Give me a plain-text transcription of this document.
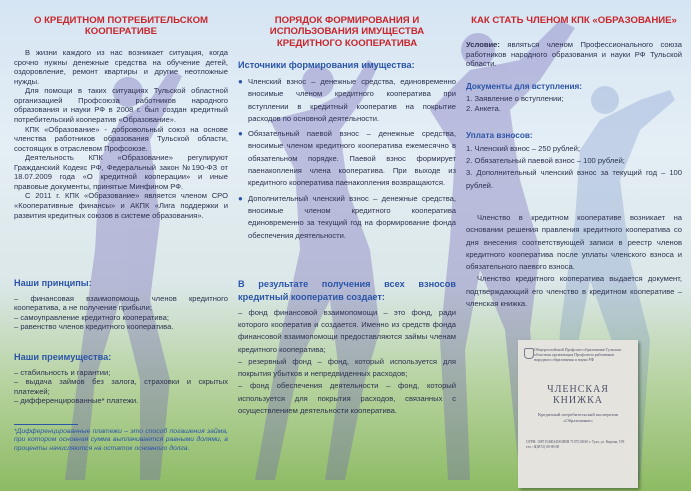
О КРЕДИТНОМ ПОТРЕБИТЕЛЬСКОМ
КООПЕРАТИВЕ

В жизни каждого из нас возникает ситуация, когда срочно нужны денежные средства на обучение детей, оздоровление, ремонт квартиры и другие неотложные нужды.

Для помощи в таких ситуациях Тульской областной организацией Профсоюза работников народного образования и науки РФ в 2008 г. был создан кредитный потребительский кооператив «Образование».

КПК «Образование» - добровольный союз на основе членства работников образования Тульской области, состоящих в отраслевом Профсоюзе.

Деятельность КПК «Образование» регулируют Гражданский Кодекс РФ, Федеральный закон №190-ФЗ от 18.07.2009 года «О кредитной кооперации» и иные правовые документы, принятые Минфином РФ.

С 2011 г. КПК «Образование» является членом СРО «Кооперативные финансы» и АКПК «Лига поддержки и развития кредитных союзов в системе образования».

Наши принципы:

– финансовая взаимопомощь членов кредитного кооператива, а не получение прибыли;

– самоуправление кредитного кооператива;

– равенство членов кредитного кооператива.

Наши преимущества:

– стабильность и гарантии;

– выдача займов без залога, страховки и скрытых платежей;

– дифференцированные* платежи.

*Дифференцированные платежи – это способ погашения займа, при котором основная сумма выплачивается равными долями, а проценты начисляются на остаток основного долга.

ПОРЯДОК ФОРМИРОВАНИЯ И
ИСПОЛЬЗОВАНИЯ ИМУЩЕСТВА
КРЕДИТНОГО КООПЕРАТИВА

Источники формирования имущества:

● Членский взнос – денежные средства, единовременно вносимые членом кредитного кооператива при вступлении в кредитный кооператив на покрытие расходов по основной деятельности.

● Обязательный паевой взнос – денежные средства, вносимые членом кредитного кооператива ежемесячно в обязательном порядке. Паевой взнос формирует паенакопления члена кооператива. При выходе из кредитного кооператива паенакопления возвращаются.

● Дополнительный членский взнос – денежные средства, вносимые членом кредитного кооператива единовременно за текущий год на формирование фонда обеспечения деятельности.

В результате получения всех взносов кредитный кооператив создает:

– фонд финансовой взаимопомощи – это фонд, ради которого кооператив и создается. Именно из средств фонда финансовой взаимопомощи предоставляются займы членам кредитного кооператива;

– резервный фонд – фонд, который используется для покрытия убытков и непредвиденных расходов;

– фонд обеспечения деятельности – фонд, который используется для покрытия расходов, связанных с осуществлением деятельности кооператива.

КАК СТАТЬ ЧЛЕНОМ КПК «ОБРАЗОВАНИЕ»

Условие: являться членом Профессионального союза работников народного образования и науки РФ Тульской области.

Документы для вступления:

1. Заявление о вступлении;

2. Анкета.

Уплата взносов:

1. Членский взнос – 250 рублей;

2. Обязательный паевой взнос – 100 рублей;

3. Дополнительный членский взнос за текущий год – 100 рублей.

Членство в кредитном кооперативе возникает на основании решения правления кредитного кооператива со дня внесения соответствующей записи в реестр членов кредитного кооператива после уплаты членского взноса и обязательного паевого взноса.

Членство кредитного кооператива выдается документ, подтверждающий его членство в кредитном кооперативе – членская книжка.

Общероссийский Профсоюз образования Тульская областная организация Профсоюза работников народного образования и науки РФ
ЧЛЕНСКАЯ КНИЖКА
Кредитный потребительский кооператив «Образование»
ОГРН: 1087154003458 ИНН 7107510010 г. Тула, ул. Кирова, 199 тел.: 8(4872) 00-00-00
